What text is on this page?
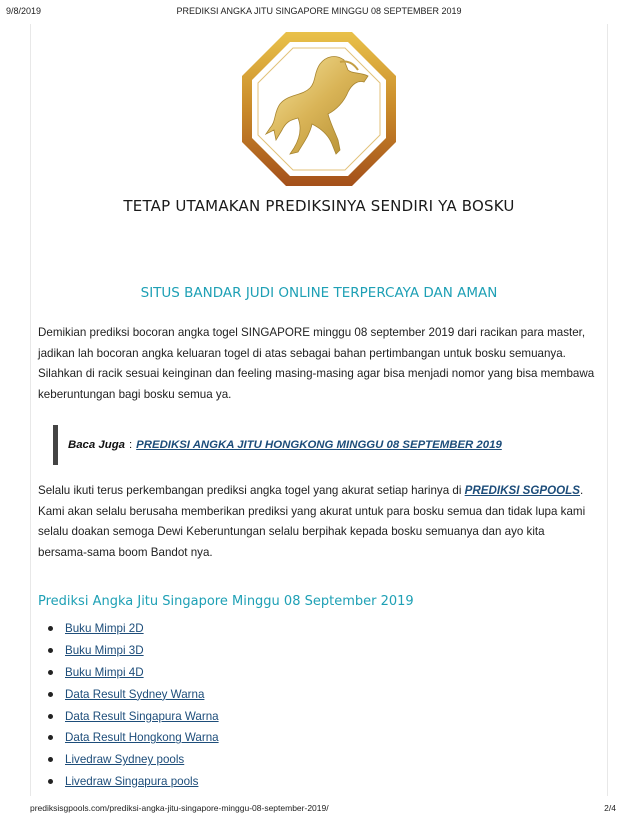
9/8/2019	PREDIKSI ANGKA JITU SINGAPORE MINGGU 08 SEPTEMBER 2019
TETAP UTAMAKAN PREDIKSINYA SENDIRI YA BOSKU
SITUS BANDAR JUDI ONLINE TERPERCAYA DAN AMAN
Demikian prediksi bocoran angka togel SINGAPORE minggu 08 september 2019 dari racikan para master,
jadikan lah bocoran angka keluaran togel di atas sebagai bahan pertimbangan untuk bosku semuanya.
Silahkan di racik sesuai keinginan dan feeling masing-masing agar bisa menjadi nomor yang bisa membawa
keberuntungan bagi bosku semua ya.
Baca Juga : PREDIKSI ANGKA JITU HONGKONG MINGGU 08 SEPTEMBER 2019
Selalu ikuti terus perkembangan prediksi angka togel yang akurat setiap harinya di PREDIKSI SGPOOLS.
Kami akan selalu berusaha memberikan prediksi yang akurat untuk para bosku semua dan tidak lupa kami
selalu doakan semoga Dewi Keberuntungan selalu berpihak kepada bosku semuanya dan ayo kita
bersama-sama boom Bandot nya.
Prediksi Angka Jitu Singapore Minggu 08 September 2019
Buku Mimpi 2D
Buku Mimpi 3D
Buku Mimpi 4D
Data Result Sydney Warna
Data Result Singapura Warna
Data Result Hongkong Warna
Livedraw Sydney pools
Livedraw Singapura pools
prediksisgpools.com/prediksi-angka-jitu-singapore-minggu-08-september-2019/	2/4
